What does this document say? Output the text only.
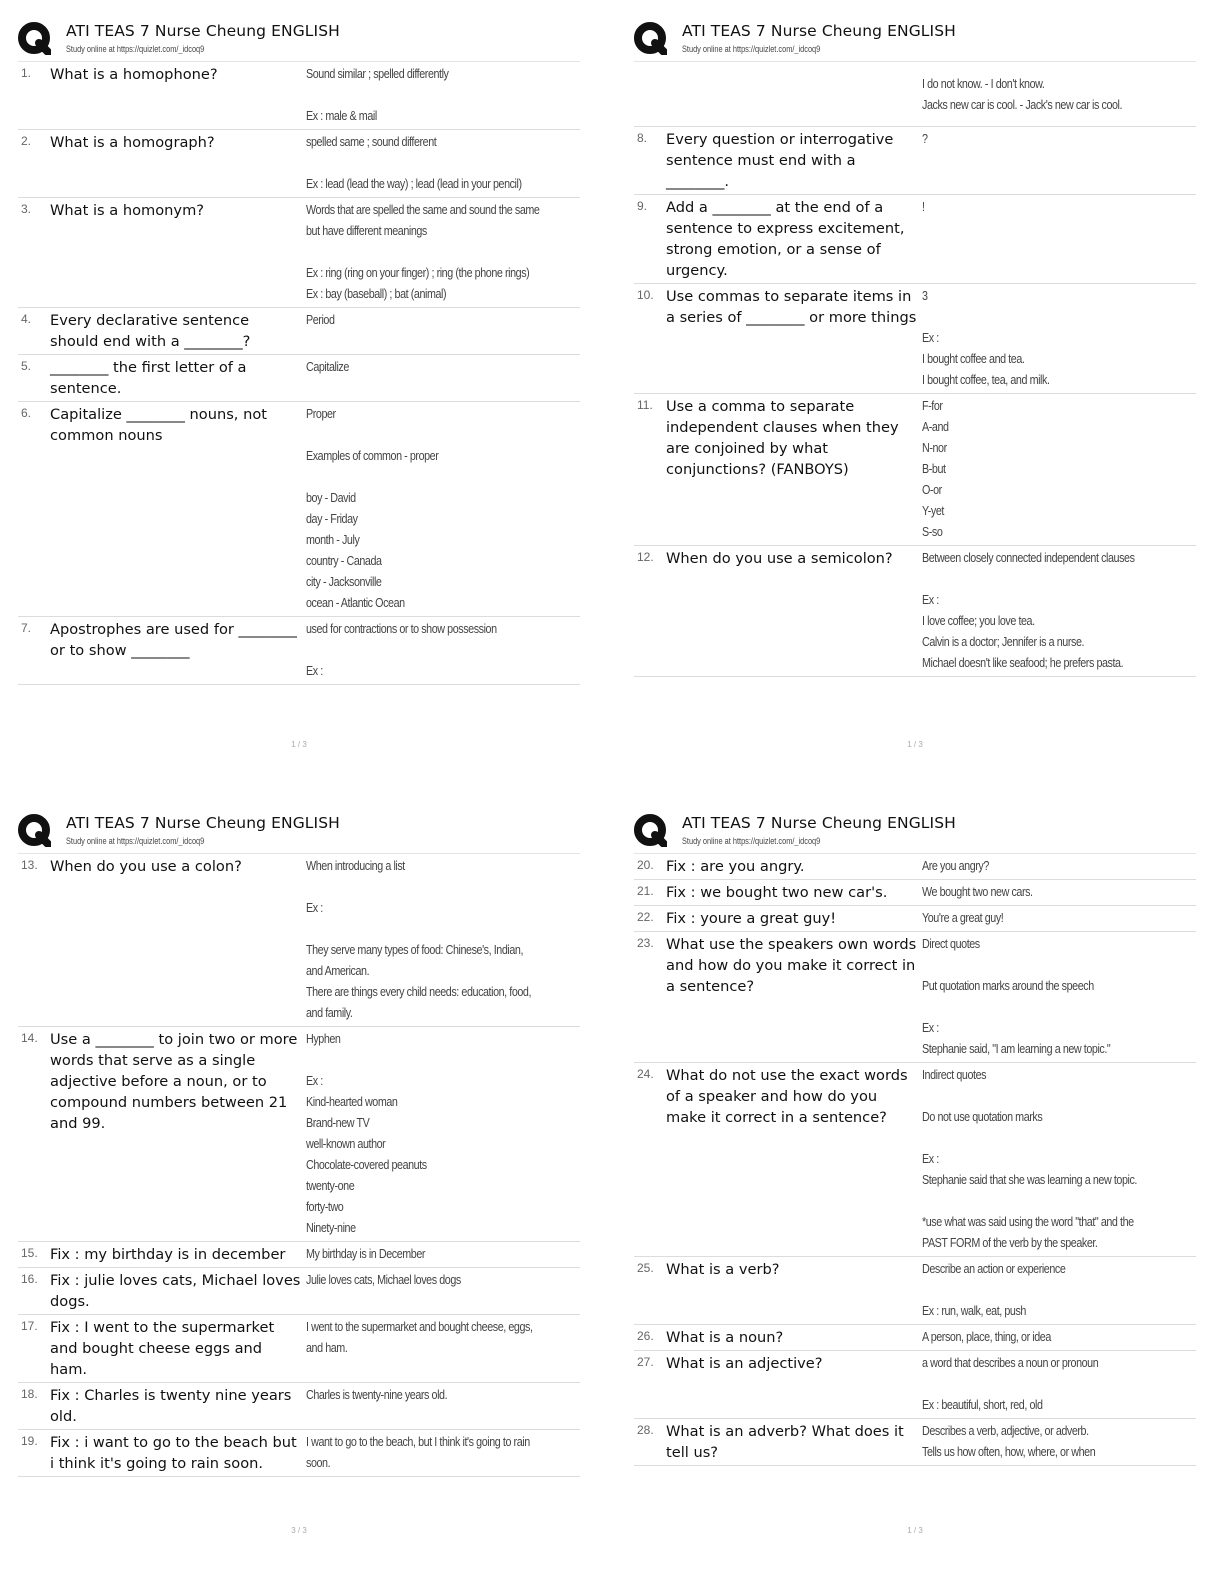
ATI TEAS 7 Nurse Cheung ENGLISH
Study online at https://quizlet.com/_idcoq9
1.	What is a homophone?	Sound similar ; spelled differently

Ex : male & mail
2.	What is a homograph?	spelled same ; sound different

Ex : lead (lead the way) ; lead (lead in your pencil)
3.	What is a homonym?	Words that are spelled the same and sound the same but have different meanings

Ex : ring (ring on your finger) ; ring (the phone rings)
Ex : bay (baseball) ; bat (animal)
4.	Every declarative sentence should end with a ________?
Period
5.	________ the first letter of a sentence.
Capitalize
6.	Capitalize ________ nouns, not common nouns
Proper

Examples of common - proper

boy - David
day - Friday
month - July
country - Canada
city - Jacksonville
ocean - Atlantic Ocean
7.	Apostrophes are used for ________ or to show ________
used for contractions or to show possession

Ex :
1 / 3
ATI TEAS 7 Nurse Cheung ENGLISH
Study online at https://quizlet.com/_idcoq9
I do not know. - I don't know.
Jacks new car is cool. - Jack's new car is cool.
8.	Every question or interrogative sentence must end with a ________.
?
9.	Add a ________ at the end of a sentence to express excitement, strong emotion, or a sense of urgency.
!
10. Use commas to separate items in a series of ________ or more things
3

Ex :
I bought coffee and tea.
I bought coffee, tea, and milk.
11. Use a comma to separate independent clauses when they are conjoined by what conjunctions? (FANBOYS)
F-for
A-and
N-nor
B-but
O-or
Y-yet
S-so
12. When do you use a semicolon?	Between closely connected independent clauses

Ex :
I love coffee; you love tea.
Calvin is a doctor; Jennifer is a nurse.
Michael doesn't like seafood; he prefers pasta.
1 / 3
ATI TEAS 7 Nurse Cheung ENGLISH
Study online at https://quizlet.com/_idcoq9
13. When do you use a colon?	When introducing a list

Ex :

They serve many types of food: Chinese's, Indian, and American.
There are things every child needs: education, food, and family.
14. Use a ________ to join two or more words that serve as a single adjective before a noun, or to compound numbers between 21 and 99.
Hyphen

Ex :
Kind-hearted woman
Brand-new TV
well-known author
Chocolate-covered peanuts
twenty-one
forty-two
Ninety-nine
15. Fix : my birthday is in december	My birthday is in December
16. Fix : julie loves cats, Michael loves dogs.
Julie loves cats, Michael loves dogs
17. Fix : I went to the supermarket and bought cheese eggs and ham.
I went to the supermarket and bought cheese, eggs, and ham.
18. Fix : Charles is twenty nine years old.
Charles is twenty-nine years old.
19. Fix : i want to go to the beach but i think it's going to rain soon.
I want to go to the beach, but I think it's going to rain soon.
3 / 3
ATI TEAS 7 Nurse Cheung ENGLISH
Study online at https://quizlet.com/_idcoq9
20. Fix : are you angry.	Are you angry?
21. Fix : we bought two new car's.	We bought two new cars.
22. Fix : youre a great guy!	You're a great guy!
23. What use the speakers own words and how do you make it correct in a sentence?
Direct quotes

Put quotation marks around the speech

Ex :
Stephanie said, "I am learning a new topic."
24. What do not use the exact words of a speaker and how do you make it correct in a sentence?
Indirect quotes

Do not use quotation marks

Ex :
Stephanie said that she was learning a new topic.

*use what was said using the word "that" and the PAST FORM of the verb by the speaker.
25. What is a verb?	Describe an action or experience

Ex : run, walk, eat, push
26. What is a noun?	A person, place, thing, or idea
27. What is an adjective?	a word that describes a noun or pronoun

Ex : beautiful, short, red, old
28. What is an adverb? What does it tell us?
Describes a verb, adjective, or adverb.
Tells us how often, how, where, or when
1 / 3
